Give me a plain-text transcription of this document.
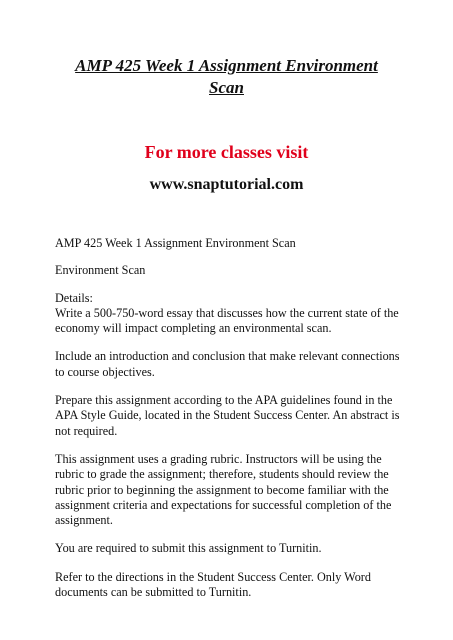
AMP 425 Week 1 Assignment Environment
Scan
For more classes visit
www.snaptutorial.com

AMP 425 Week 1 Assignment Environment Scan

Environment Scan

Details:

Write a 500-750-word essay that discusses how the current state of the economy will impact completing an environmental scan.

Include an introduction and conclusion that make relevant connections to course objectives.

Prepare this assignment according to the APA guidelines found in the APA Style Guide, located in the Student Success Center. An abstract is not required.

This assignment uses a grading rubric. Instructors will be using the rubric to grade the assignment; therefore, students should review the rubric prior to beginning the assignment to become familiar with the assignment criteria and expectations for successful completion of the assignment.

You are required to submit this assignment to Turnitin.

Refer to the directions in the Student Success Center. Only Word documents can be submitted to Turnitin.
